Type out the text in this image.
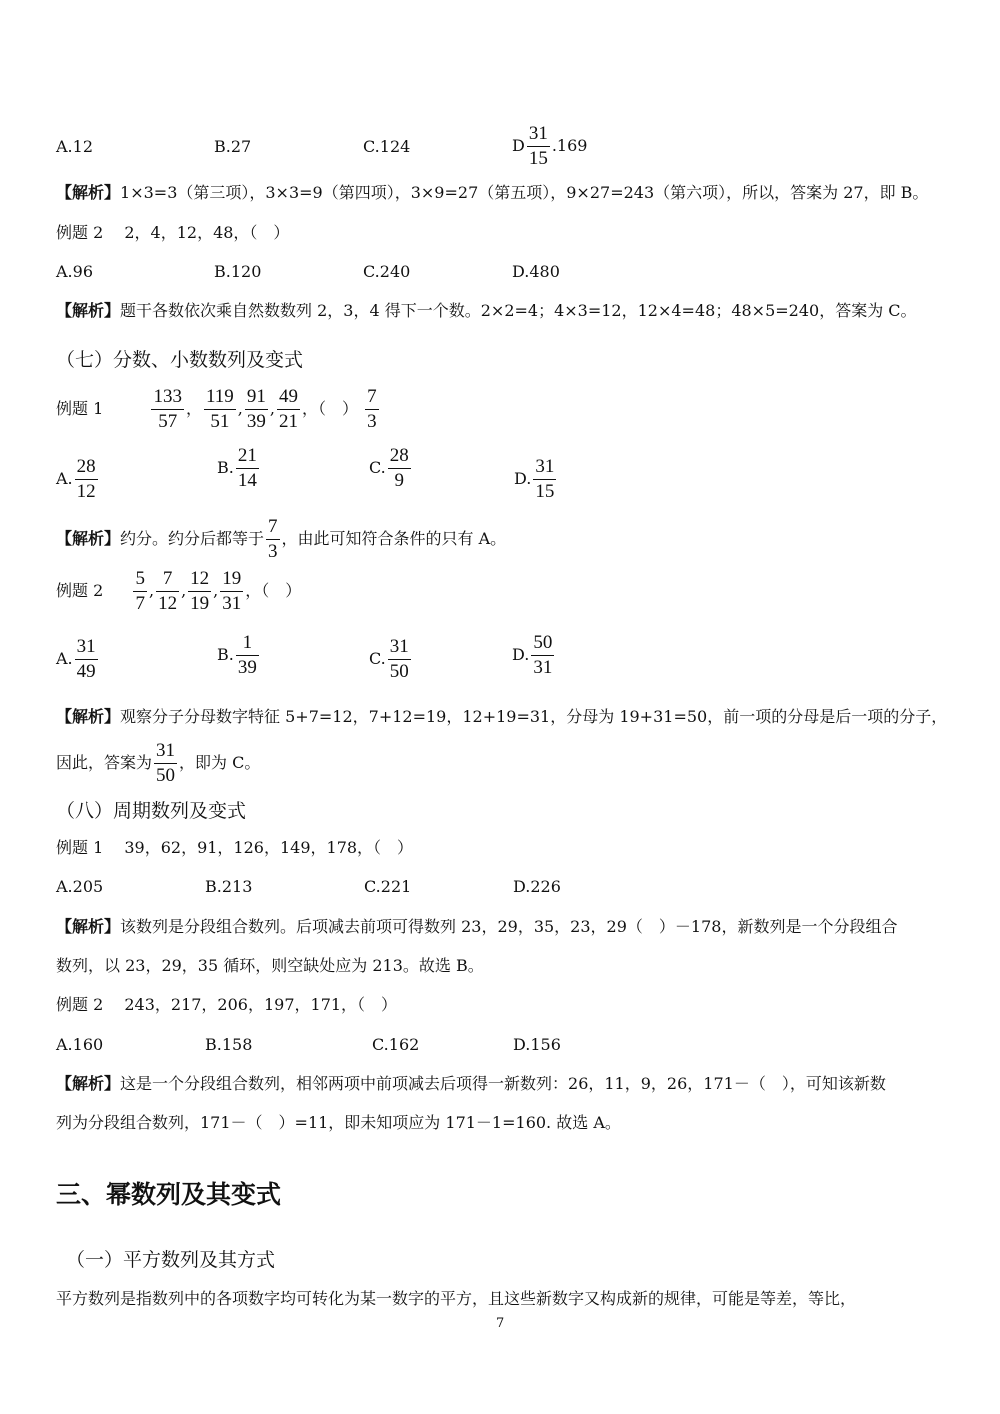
A.12	B.27	C.124	D $\frac{31}{15} .169$
【解析】1×3=3（第三项），3×3=9（第四项），3×9=27（第五项），9×27=243（第六项），所以，答案为 27，即 B。
例题 2　 2，4，12，48，（　）
A.96	B.120	C.240	D.480
【解析】题干各数依次乘自然数数列 2，3，4 得下一个数。2×2=4；4×3=12，12×4=48；48×5=240，答案为 C。
（七）分数、小数数列及变式
例题 1	$\frac{133}{57}$ ， $\frac{119}{51}$ , $\frac{91}{39}$ , $\frac{49}{21}$ ，（　） $\frac{7}{3}$
A. $\frac{28}{12}$	B. $\frac{21}{14}$	C. $\frac{28}{9}$	D. $\frac{31}{15}$
【解析】约分。约分后都等于 $\frac{7}{3}$ ，由此可知符合条件的只有 A。
例题 $2 \frac{5}{7}$ , $\frac{7}{12}$ , $\frac{12}{19}$ , $\frac{19}{31}$ ，（　）
A. $\frac{31}{49}$	B. $\frac{1}{39}$	C. $\frac{31}{50}$	D. $\frac{50}{31}$
【解析】观察分子分母数字特征 5+7=12，7+12=19，12+19=31，分母为 19+31=50，前一项的分母是后一项的分子，
因此，答案为 $\frac{31}{50}$ ，即为 C。
（八）周期数列及变式
例题 1　 39，62，91，126，149，178，（　）
A.205	B.213	C.221	D.226
【解析】该数列是分段组合数列。后项减去前项可得数列 23，29，35，23，29（　）－178，新数列是一个分段组合
数列，以 23，29，35 循环，则空缺处应为 213。故选 B。
例题 2　 243，217，206，197，171，（　）
A.160	B.158	C.162	D.156
【解析】这是一个分段组合数列，相邻两项中前项减去后项得一新数列：26，11，9，26，171－（　），可知该新数
列为分段组合数列，171－（　）=11，即未知项应为 171－1=160. 故选 A。
三、幂数列及其变式
（一）平方数列及其方式
平方数列是指数列中的各项数字均可转化为某一数字的平方，且这些新数字又构成新的规律，可能是等差，等比，
7
